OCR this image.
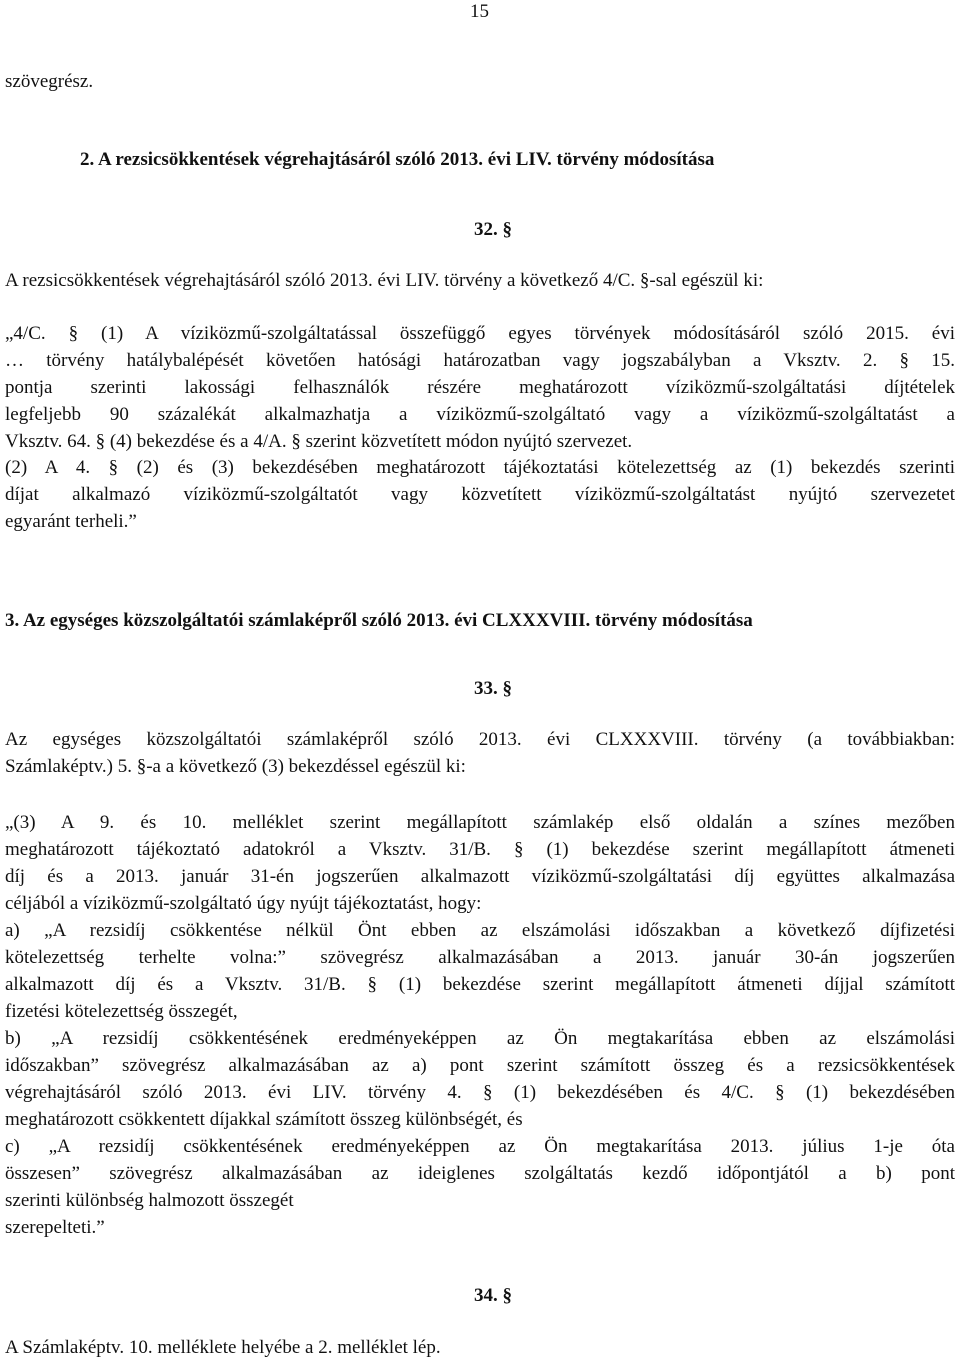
15
szövegrész.
2. A rezsicsökkentések végrehajtásáról szóló 2013. évi LIV. törvény módosítása
32. §
A rezsicsökkentések végrehajtásáról szóló 2013. évi LIV. törvény a következő 4/C. §-sal egészül ki:
„4/C. § (1) A víziközmű-szolgáltatással összefüggő egyes törvények módosításáról szóló 2015. évi
… törvény hatálybalépését követően hatósági határozatban vagy jogszabályban a Vksztv. 2. § 15.
pontja szerinti lakossági felhasználók részére meghatározott víziközmű-szolgáltatási díjtételek
legfeljebb 90 százalékát alkalmazhatja a víziközmű-szolgáltató vagy a víziközmű-szolgáltatást a
Vksztv. 64. § (4) bekezdése és a 4/A. § szerint közvetített módon nyújtó szervezet.
(2) A 4. § (2) és (3) bekezdésében meghatározott tájékoztatási kötelezettség az (1) bekezdés szerinti
díjat alkalmazó víziközmű-szolgáltatót vagy közvetített víziközmű-szolgáltatást nyújtó szervezetet
egyaránt terheli.”
3. Az egységes közszolgáltatói számlaképről szóló 2013. évi CLXXXVIII. törvény módosítása
33. §
Az egységes közszolgáltatói számlaképről szóló 2013. évi CLXXXVIII. törvény (a továbbiakban:
Számlaképtv.) 5. §-a a következő (3) bekezdéssel egészül ki:
„(3) A 9. és 10. melléklet szerint megállapított számlakép első oldalán a színes mezőben
meghatározott tájékoztató adatokról a Vksztv. 31/B. § (1) bekezdése szerint megállapított átmeneti
díj és a 2013. január 31-én jogszerűen alkalmazott víziközmű-szolgáltatási díj együttes alkalmazása
céljából a víziközmű-szolgáltató úgy nyújt tájékoztatást, hogy:
a) „A rezsidíj csökkentése nélkül Önt ebben az elszámolási időszakban a következő díjfizetési
kötelezettség terhelte volna:” szövegrész alkalmazásában a 2013. január 30-án jogszerűen
alkalmazott díj és a Vksztv. 31/B. § (1) bekezdése szerint megállapított átmeneti díjjal számított
fizetési kötelezettség összegét,
b) „A rezsidíj csökkentésének eredményeképpen az Ön megtakarítása ebben az elszámolási
időszakban” szövegrész alkalmazásában az a) pont szerint számított összeg és a rezsicsökkentések
végrehajtásáról szóló 2013. évi LIV. törvény 4. § (1) bekezdésében és 4/C. § (1) bekezdésében
meghatározott csökkentett díjakkal számított összeg különbségét, és
c) „A rezsidíj csökkentésének eredményeképpen az Ön megtakarítása 2013. július 1-je óta
összesen” szövegrész alkalmazásában az ideiglenes szolgáltatás kezdő időpontjától a b) pont
szerinti különbség halmozott összegét
szerepelteti.”
34. §
A Számlaképtv. 10. melléklete helyébe a 2. melléklet lép.
